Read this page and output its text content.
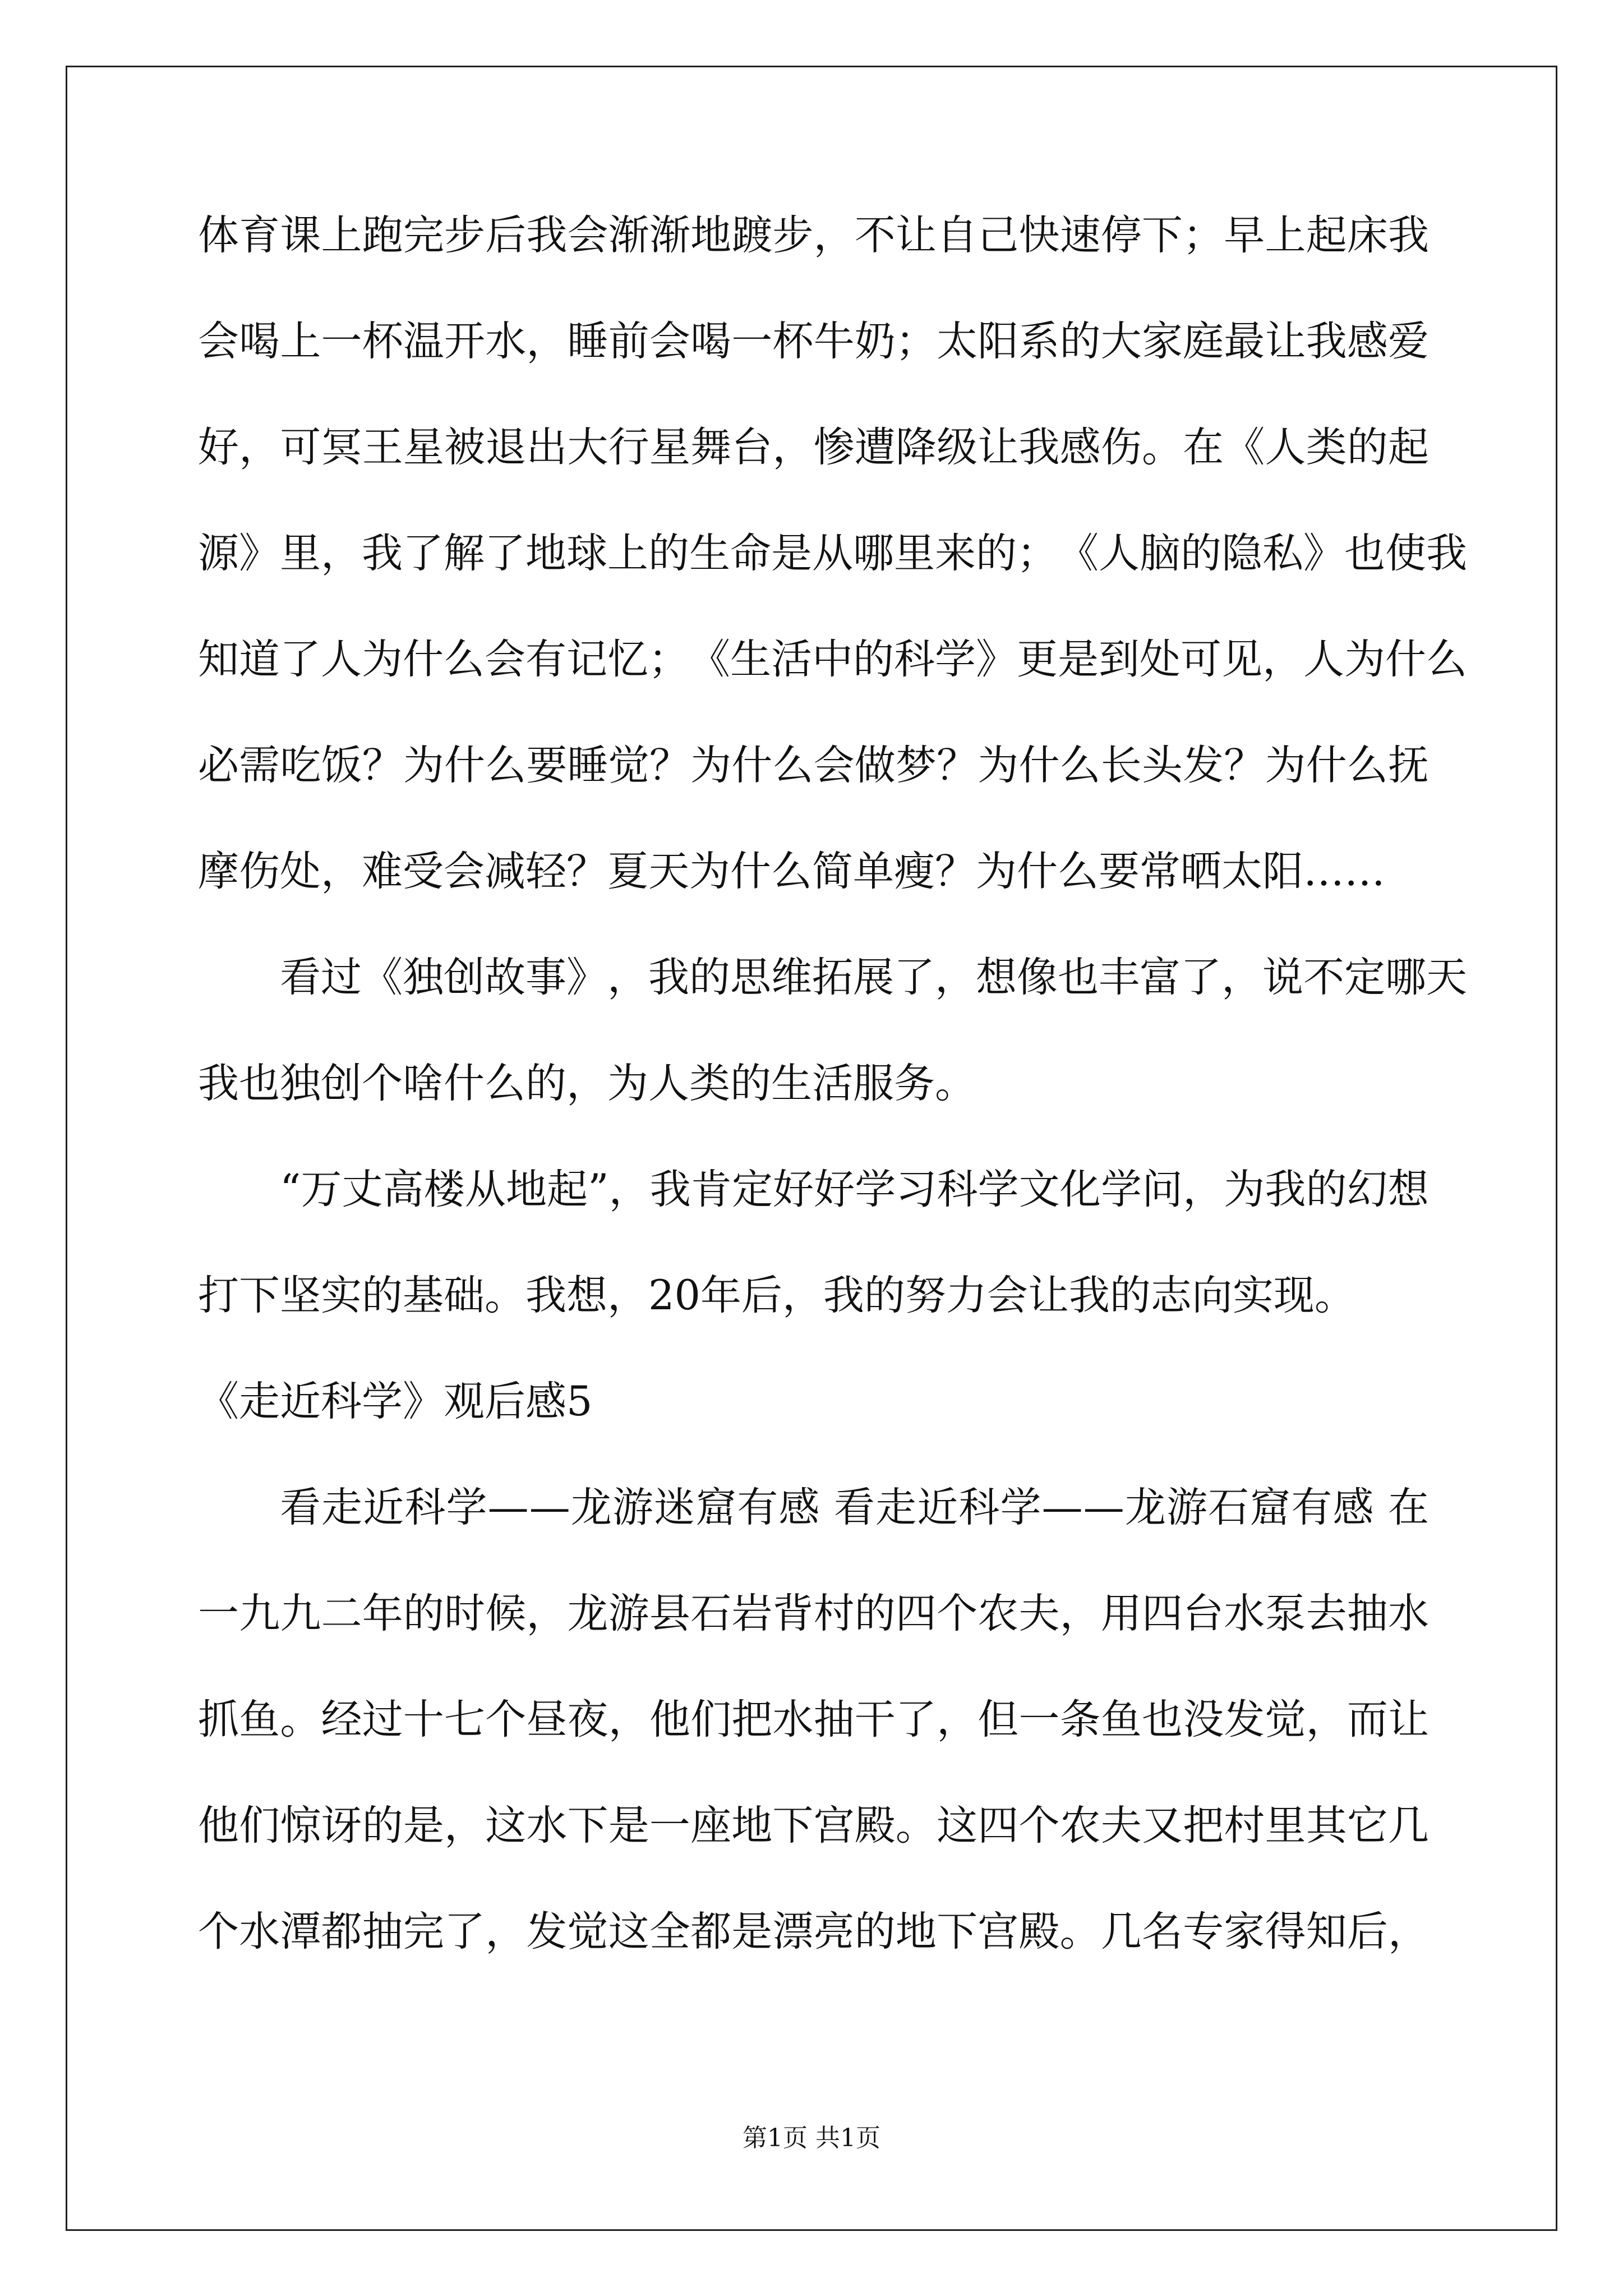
体 育 课 上 跑 完 步 后 我 会 渐 渐 地 踱 步 ， 不 让 自 己 快 速 停 下 ； 早 上 起 床 我
会 喝 上 一 杯 温 开 水 ， 睡 前 会 喝 一 杯 牛 奶 ； 太 阳 系 的 大 家 庭 最 让 我 感 爱
好 ， 可 冥 王 星 被 退 出 大 行 星 舞 台 ， 惨 遭 降 级 让 我 感 伤 。 在 《 人 类 的 起
源 》 里 ， 我 了 解 了 地 球 上 的 生 命 是 从 哪 里 来 的 ； 《 人 脑 的 隐 私 》 也 使 我
知 道 了 人 为 什 么 会 有 记 忆 ； 《 生 活 中 的 科 学 》 更 是 到 处 可 见 ， 人 为 什 么
必 需 吃 饭 ？ 为 什 么 要 睡 觉 ？ 为 什 么 会 做 梦 ？ 为 什 么 长 头 发 ？ 为 什 么 抚
摩伤处，难受会减轻？夏天为什么简单瘦？为什么要常晒太阳……
看 过 《 独 创 故 事 》 ， 我 的 思 维 拓 展 了 ， 想 像 也 丰 富 了 ， 说 不 定 哪 天
我也独创个啥什么的，为人类的生活服务。
“ 万 丈 高 楼 从 地 起 ” ， 我 肯 定 好 好 学 习 科 学 文 化 学 问 ， 为 我 的 幻 想
打下坚实的基础。我想，20年后，我的努力会让我的志向实现。
《走近科学》观后感5
看 走 近 科 学 — — 龙 游 迷 窟 有 感
看 走 近 科 学 — — 龙 游 石 窟 有 感
在
一 九 九 二 年 的 时 候 ， 龙 游 县 石 岩 背 村 的 四 个 农 夫 ， 用 四 台 水 泵 去 抽 水
抓 鱼 。 经 过 十 七 个 昼 夜 ， 他 们 把 水 抽 干 了 ， 但 一 条 鱼 也 没 发 觉 ， 而 让
他 们 惊 讶 的 是 ， 这 水 下 是 一 座 地 下 宫 殿 。 这 四 个 农 夫 又 把 村 里 其 它 几
个 水 潭 都 抽 完 了 ， 发 觉 这 全 都 是 漂 亮 的 地 下 宫 殿 。 几 名 专 家 得 知 后 ，
第1页 共1页
